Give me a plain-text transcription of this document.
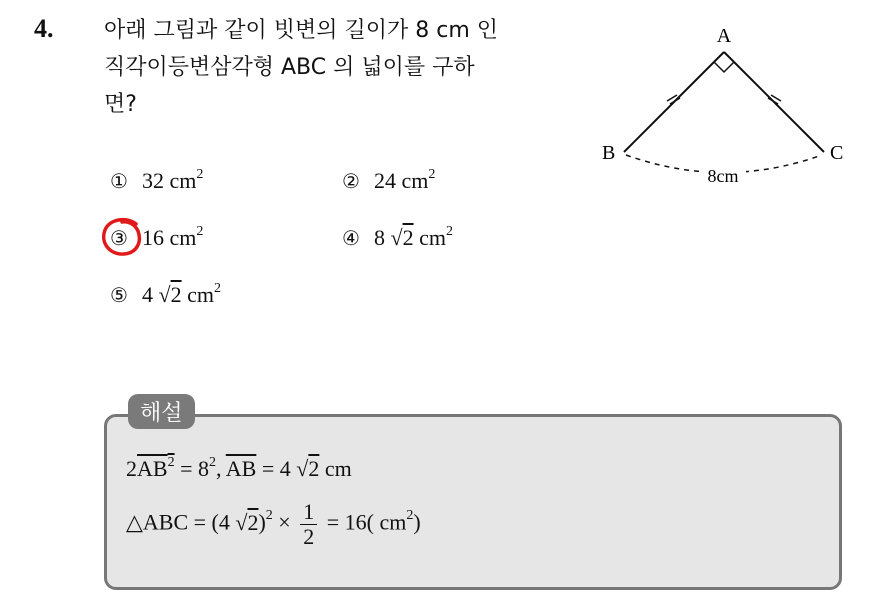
4. 아래 그림과 같이 빗변의 길이가 8 cm 인
직각이등변삼각형 ABC 의 넓이를 구하
면?
① 32 $cm^2$	② 24 $cm^2$
③ 16 $cm^2$	④ 8 √2 $cm^2$
⑤ 4 √2 $cm^2$
8cm
A
B	C
해설
$2AB^2 = 8^2$, $\overline{AB} = 4$ √2 cm
△ABC = (4 $√2)^2 \times \frac{1}{2} = 16$( $cm^2$)
